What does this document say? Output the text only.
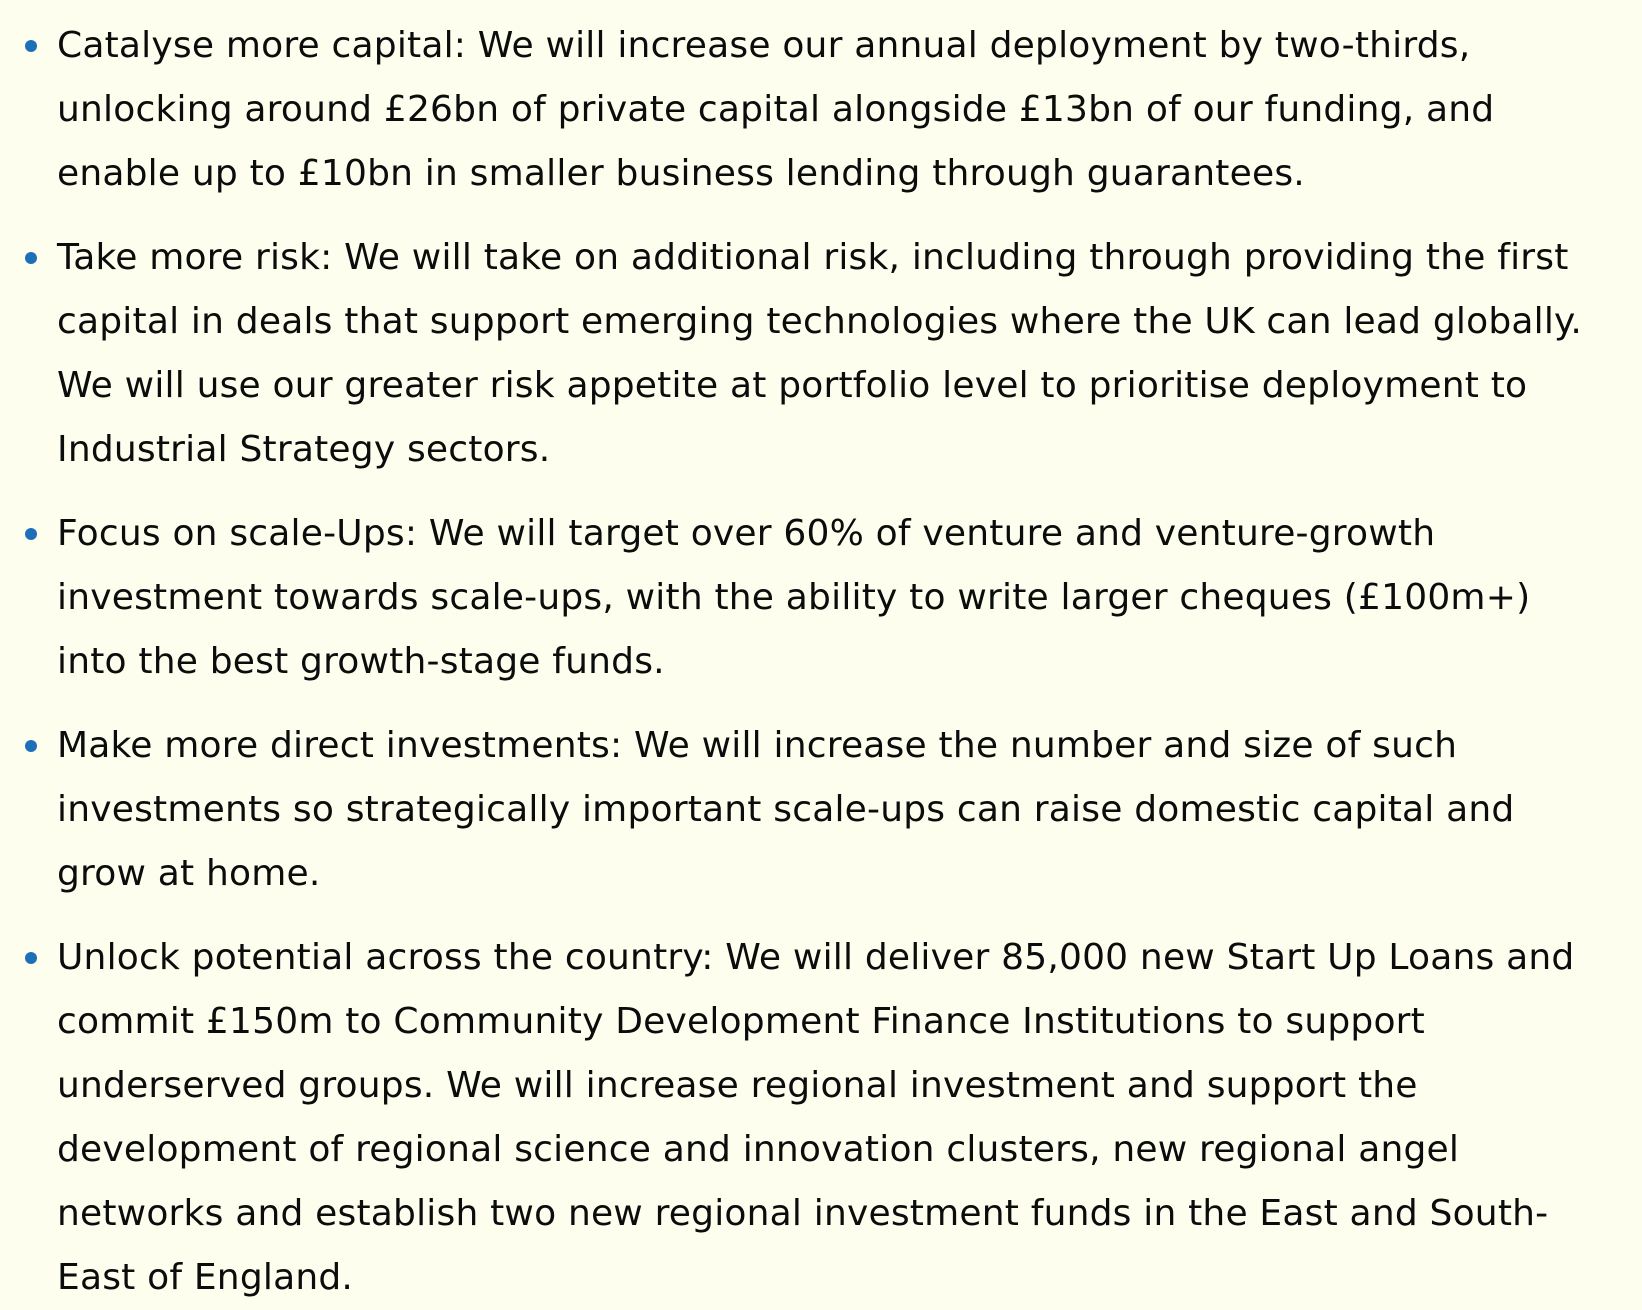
Catalyse more capital: We will increase our annual deployment by two-thirds, unlocking around £26bn of private capital alongside £13bn of our funding, and enable up to £10bn in smaller business lending through guarantees.
Take more risk: We will take on additional risk, including through providing the first capital in deals that support emerging technologies where the UK can lead globally. We will use our greater risk appetite at portfolio level to prioritise deployment to Industrial Strategy sectors.
Focus on scale-Ups: We will target over 60% of venture and venture-growth investment towards scale-ups, with the ability to write larger cheques (£100m+) into the best growth-stage funds.
Make more direct investments: We will increase the number and size of such investments so strategically important scale-ups can raise domestic capital and grow at home.
Unlock potential across the country: We will deliver 85,000 new Start Up Loans and commit £150m to Community Development Finance Institutions to support underserved groups. We will increase regional investment and support the development of regional science and innovation clusters, new regional angel networks and establish two new regional investment funds in the East and South-East of England.
